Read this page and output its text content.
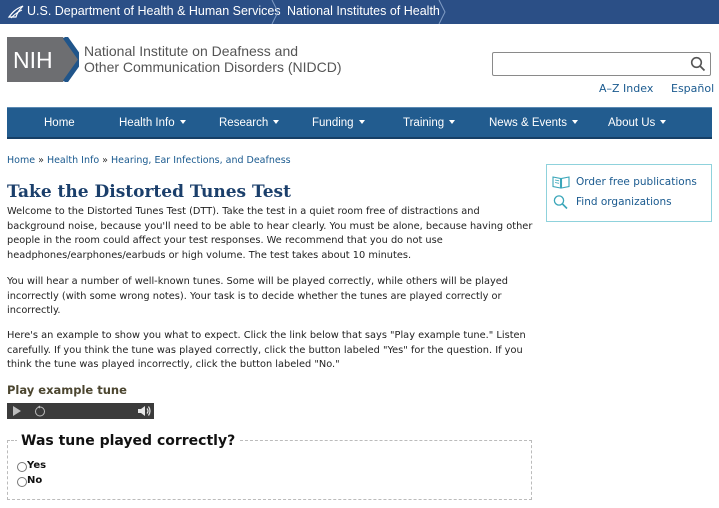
U.S. Department of Health & Human Services National Institutes of Health
NIH National Institute on Deafness and
Other Communication Disorders (NIDCD)
A–Z Index Español
Home	Health Info	Research	Funding	Training	News & Events	About Us
Home » Health Info » Hearing, Ear Infections, and Deafness
Order free publications
Find organizations
Take the Distorted Tunes Test

Welcome to the Distorted Tunes Test (DTT). Take the test in a quiet room free of distractions and background noise, because you'll need to be able to hear clearly. You must be alone, because having other people in the room could affect your test responses. We recommend that you do not use headphones/earphones/earbuds or high volume. The test takes about 10 minutes.

You will hear a number of well-known tunes. Some will be played correctly, while others will be played incorrectly (with some wrong notes). Your task is to decide whether the tunes are played correctly or incorrectly.

Here's an example to show you what to expect. Click the link below that says "Play example tune." Listen carefully. If you think the tune was played correctly, click the button labeled "Yes" for the question. If you think the tune was played incorrectly, click the button labeled "No."

Play example tune
Was tune played correctly?
Yes
No
